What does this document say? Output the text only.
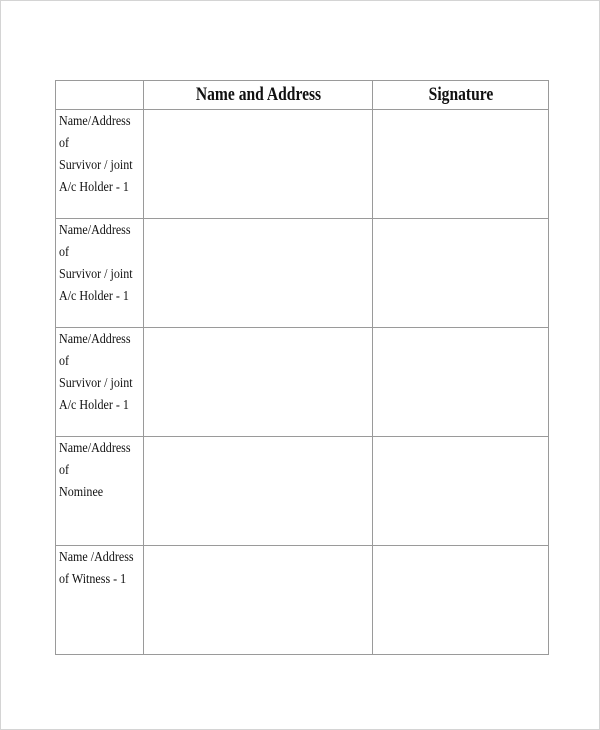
	Name and Address	Signature

Name/Address of
Survivor / joint
A/c Holder - 1		

Name/Address of
Survivor / joint
A/c Holder - 1		

Name/Address of
Survivor / joint
A/c Holder - 1		

Name/Address of
Nominee		

Name /Address
of Witness - 1		
